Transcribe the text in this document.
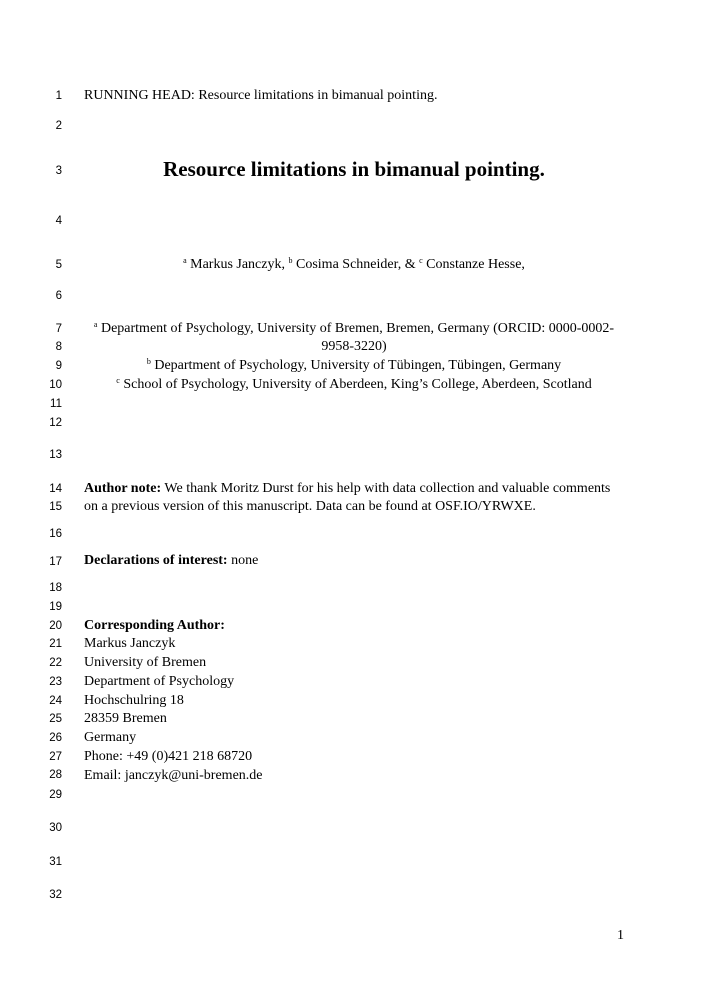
1
2
3
4
5
6
7
8
9
10
11
12
13
14
15
16
17
18
19
20
21
22
23
24
25
26
27
28
29
30
31
32
RUNNING HEAD: Resource limitations in bimanual pointing.
Resource limitations in bimanual pointing.
$^a$ Markus Janczyk, $^b$ Cosima Schneider, & $^c$ Constanze Hesse,
$^a$ Department of Psychology, University of Bremen, Bremen, Germany (ORCID: 0000-0002-
9958-3220)
$^b$ Department of Psychology, University of Tübingen, Tübingen, Germany
$^c$ School of Psychology, University of Aberdeen, King’s College, Aberdeen, Scotland
Author note: We thank Moritz Durst for his help with data collection and valuable comments
on a previous version of this manuscript. Data can be found at OSF.IO/YRWXE.
Declarations of interest: none
Corresponding Author:
Markus Janczyk
University of Bremen
Department of Psychology
Hochschulring 18
28359 Bremen
Germany
Phone: +49 (0)421 218 68720
Email: janczyk@uni-bremen.de
1
